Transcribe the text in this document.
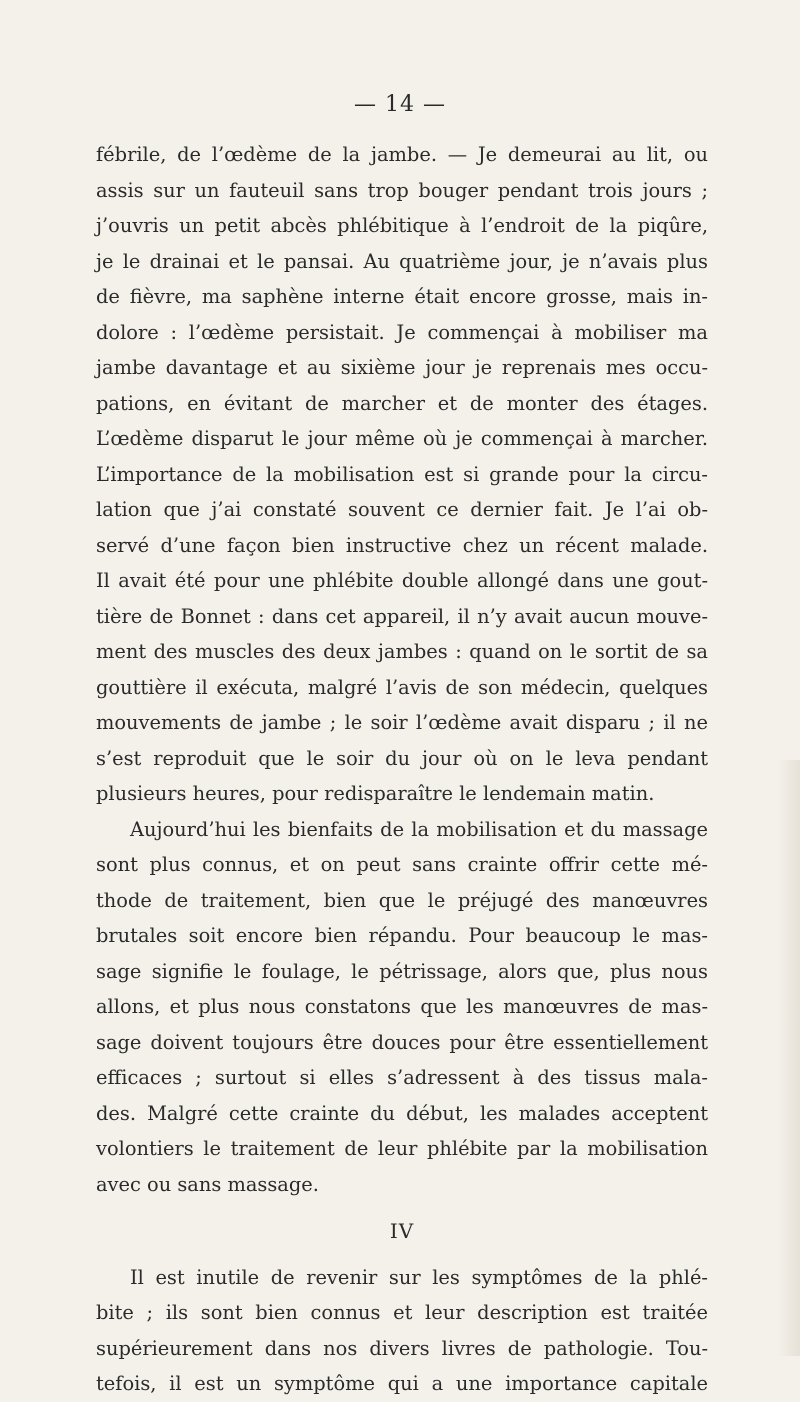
— 14 —

fébrile, de l’œdème de la jambe. — Je demeurai au lit, ou
assis sur un fauteuil sans trop bouger pendant trois jours ;
j’ouvris un petit abcès phlébitique à l’endroit de la piqûre,
je le drainai et le pansai. Au quatrième jour, je n’avais plus
de fièvre, ma saphène interne était encore grosse, mais in-
dolore : l’œdème persistait. Je commençai à mobiliser ma
jambe davantage et au sixième jour je reprenais mes occu-
pations, en évitant de marcher et de monter des étages.
L’œdème disparut le jour même où je commençai à marcher.
L’importance de la mobilisation est si grande pour la circu-
lation que j’ai constaté souvent ce dernier fait. Je l’ai ob-
servé d’une façon bien instructive chez un récent malade.
Il avait été pour une phlébite double allongé dans une gout-
tière de Bonnet : dans cet appareil, il n’y avait aucun mouve-
ment des muscles des deux jambes : quand on le sortit de sa
gouttière il exécuta, malgré l’avis de son médecin, quelques
mouvements de jambe ; le soir l’œdème avait disparu ; il ne
s’est reproduit que le soir du jour où on le leva pendant
plusieurs heures, pour redisparaître le lendemain matin.

Aujourd’hui les bienfaits de la mobilisation et du massage
sont plus connus, et on peut sans crainte offrir cette mé-
thode de traitement, bien que le préjugé des manœuvres
brutales soit encore bien répandu. Pour beaucoup le mas-
sage signifie le foulage, le pétrissage, alors que, plus nous
allons, et plus nous constatons que les manœuvres de mas-
sage doivent toujours être douces pour être essentiellement
efficaces ; surtout si elles s’adressent à des tissus mala-
des. Malgré cette crainte du début, les malades acceptent
volontiers le traitement de leur phlébite par la mobilisation
avec ou sans massage.

IV

Il est inutile de revenir sur les symptômes de la phlé-
bite ; ils sont bien connus et leur description est traitée
supérieurement dans nos divers livres de pathologie. Tou-
tefois, il est un symptôme qui a une importance capitale
